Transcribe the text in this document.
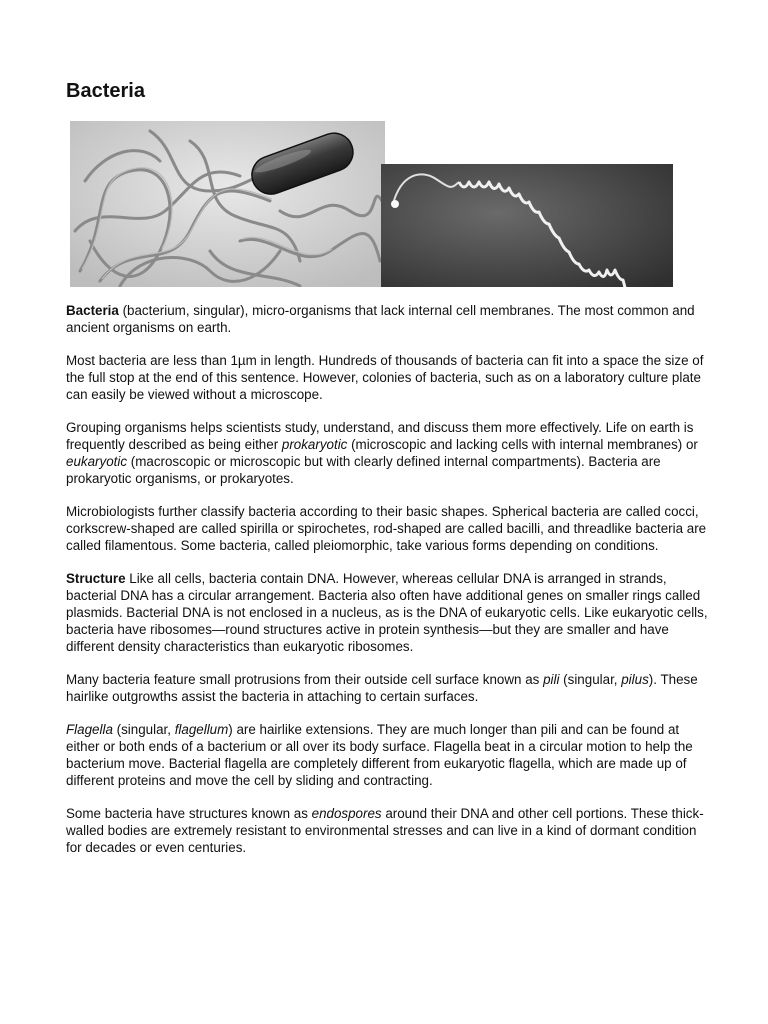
Bacteria

Bacteria (bacterium, singular), micro-organisms that lack internal cell membranes. The most common and ancient organisms on earth.

Most bacteria are less than 1µm in length. Hundreds of thousands of bacteria can fit into a space the size of the full stop at the end of this sentence. However, colonies of bacteria, such as on a laboratory culture plate can easily be viewed without a microscope.

Grouping organisms helps scientists study, understand, and discuss them more effectively. Life on earth is frequently described as being either prokaryotic (microscopic and lacking cells with internal membranes) or eukaryotic (macroscopic or microscopic but with clearly defined internal compartments). Bacteria are prokaryotic organisms, or prokaryotes.

Microbiologists further classify bacteria according to their basic shapes. Spherical bacteria are called cocci, corkscrew-shaped are called spirilla or spirochetes, rod-shaped are called bacilli, and threadlike bacteria are called filamentous. Some bacteria, called pleiomorphic, take various forms depending on conditions.

Structure Like all cells, bacteria contain DNA. However, whereas cellular DNA is arranged in strands, bacterial DNA has a circular arrangement. Bacteria also often have additional genes on smaller rings called plasmids. Bacterial DNA is not enclosed in a nucleus, as is the DNA of eukaryotic cells. Like eukaryotic cells, bacteria have ribosomes—round structures active in protein synthesis—but they are smaller and have different density characteristics than eukaryotic ribosomes.

Many bacteria feature small protrusions from their outside cell surface known as pili (singular, pilus). These hairlike outgrowths assist the bacteria in attaching to certain surfaces.

Flagella (singular, flagellum) are hairlike extensions. They are much longer than pili and can be found at either or both ends of a bacterium or all over its body surface. Flagella beat in a circular motion to help the bacterium move. Bacterial flagella are completely different from eukaryotic flagella, which are made up of different proteins and move the cell by sliding and contracting.

Some bacteria have structures known as endospores around their DNA and other cell portions. These thick-walled bodies are extremely resistant to environmental stresses and can live in a kind of dormant condition for decades or even centuries.
